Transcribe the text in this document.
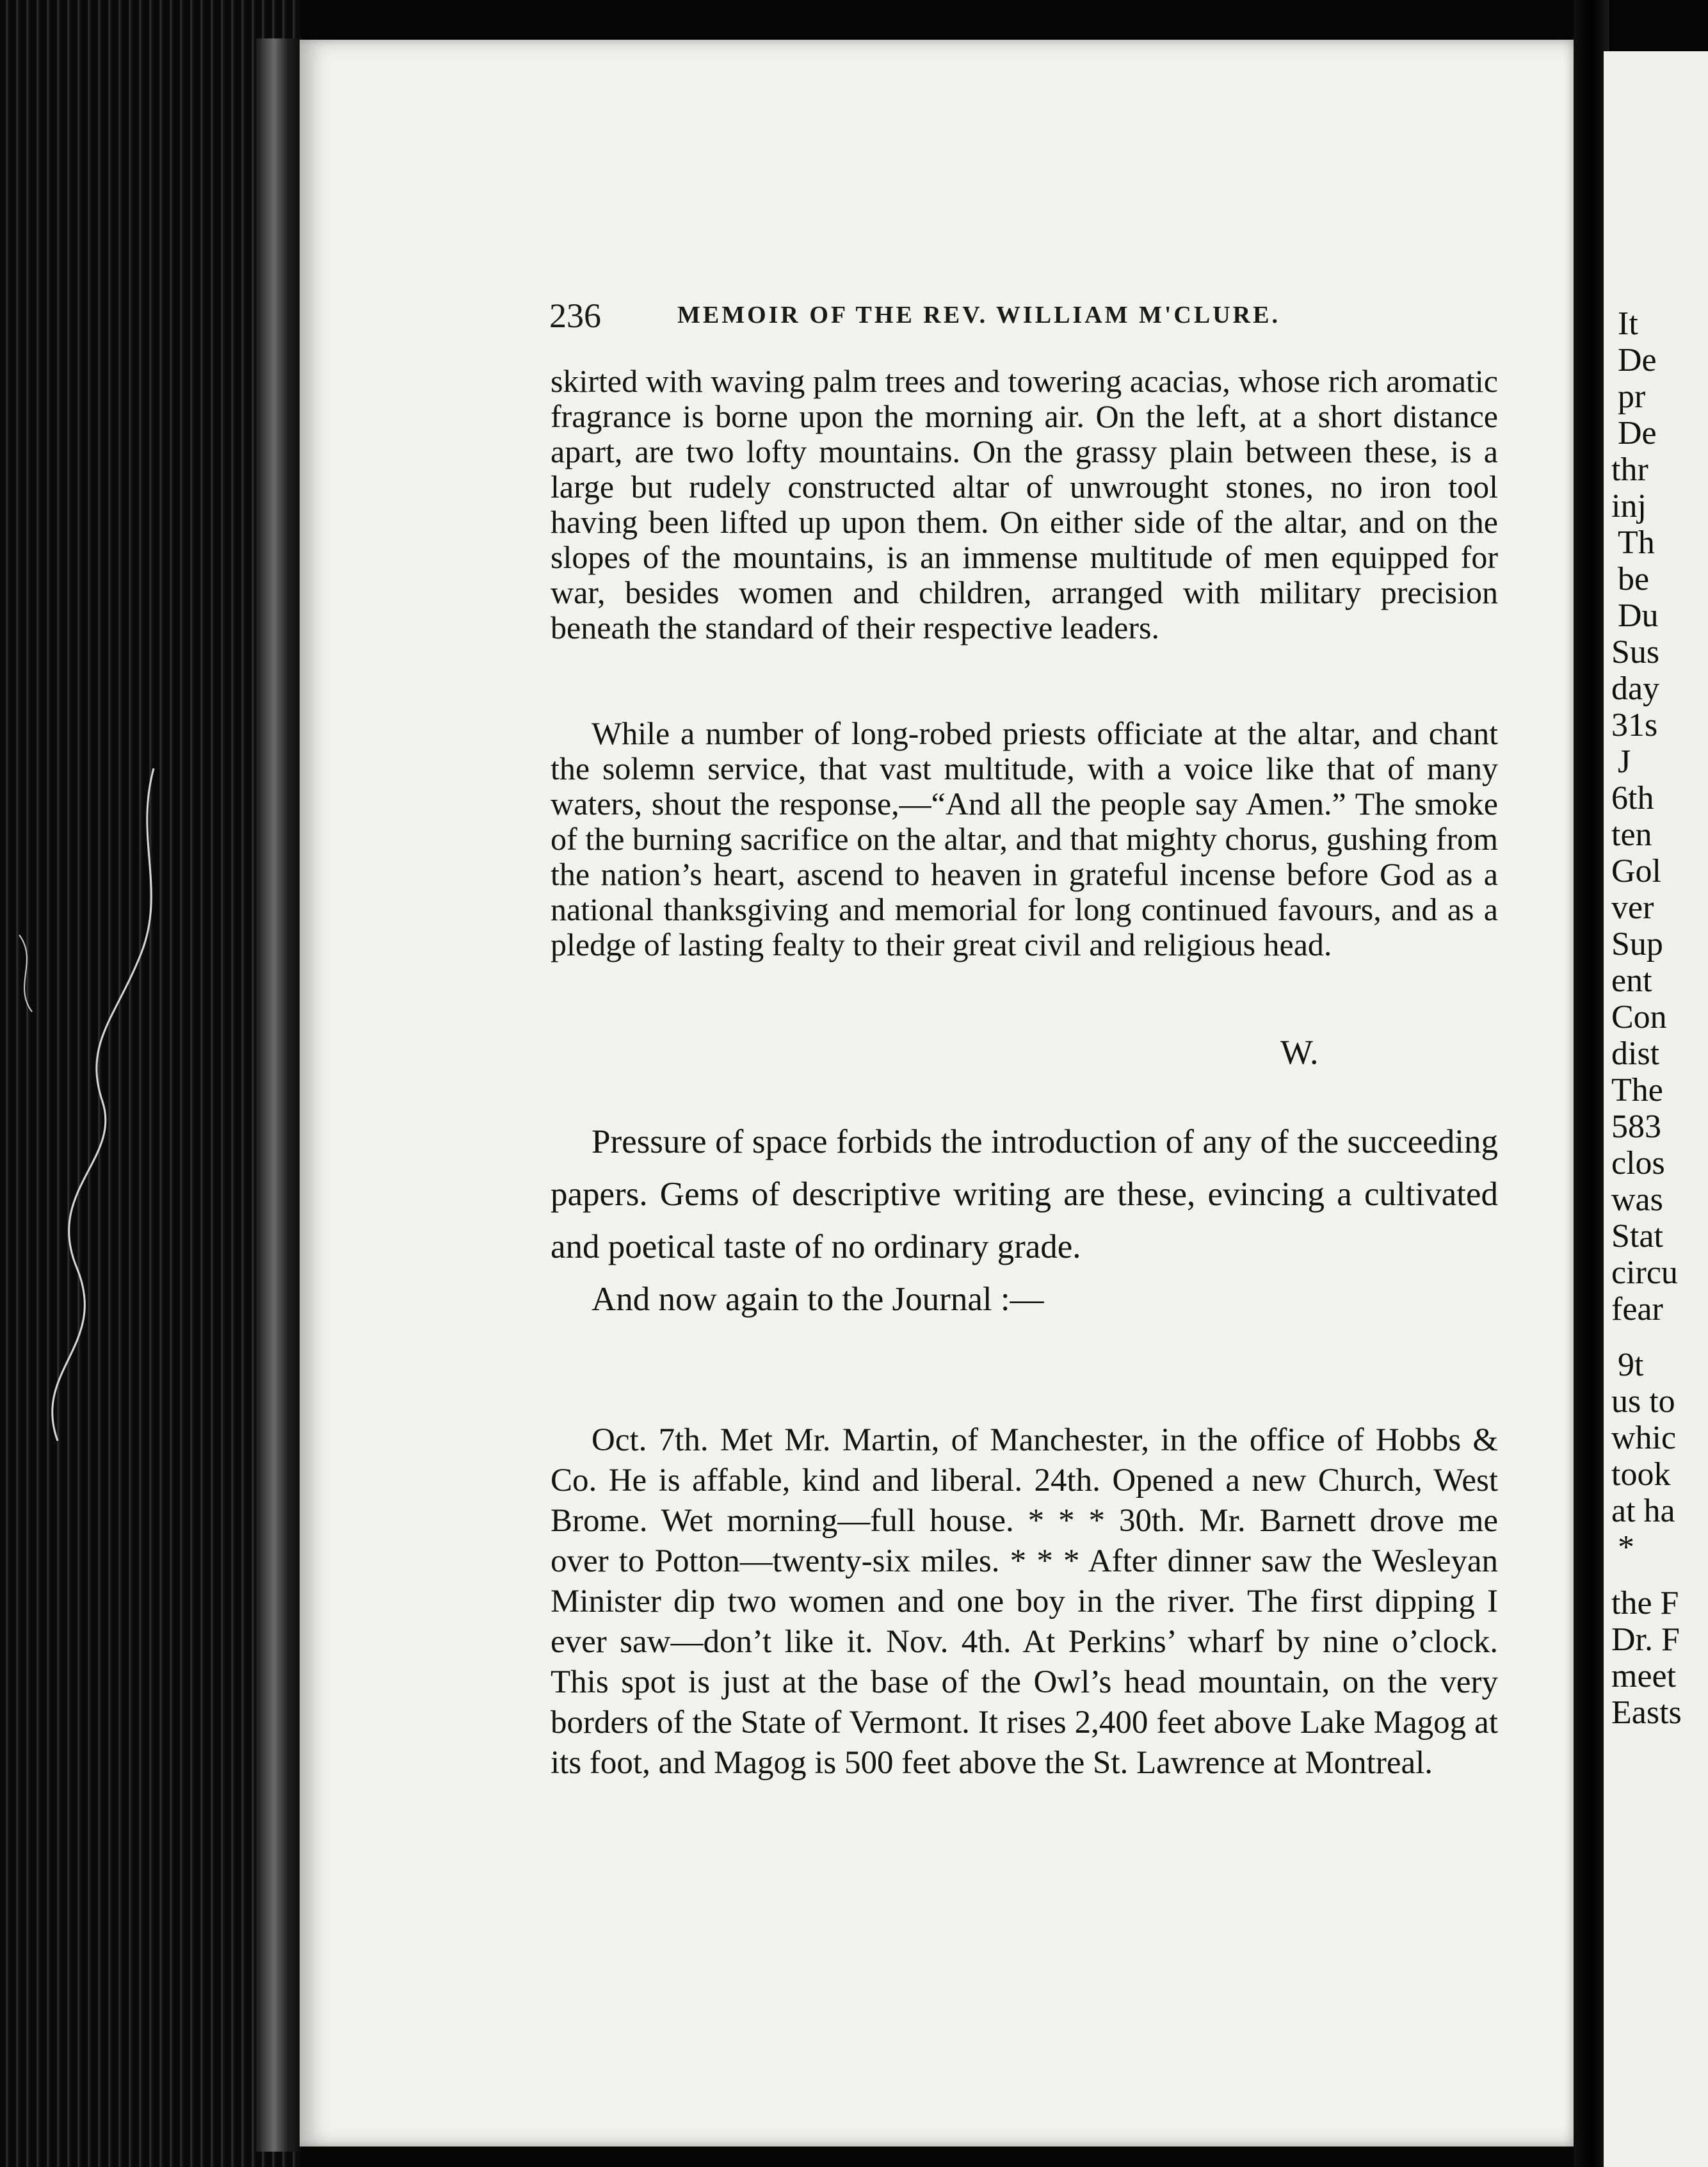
236	MEMOIR OF THE REV. WILLIAM M'CLURE.

skirted with waving palm trees and towering acacias, whose rich aromatic fragrance is borne upon the morning air. On the left, at a short distance apart, are two lofty mountains. On the grassy plain between these, is a large but rudely constructed altar of unwrought stones, no iron tool having been lifted up upon them. On either side of the altar, and on the slopes of the mountains, is an immense multitude of men equipped for war, besides women and children, arranged with military precision beneath the standard of their respective leaders.

While a number of long-robed priests officiate at the altar, and chant the solemn service, that vast multitude, with a voice like that of many waters, shout the response,—“And all the people say Amen.” The smoke of the burning sacrifice on the altar, and that mighty chorus, gushing from the nation’s heart, ascend to heaven in grateful incense before God as a national thanksgiving and memorial for long continued favours, and as a pledge of lasting fealty to their great civil and religious head.

W.

Pressure of space forbids the introduction of any of the succeeding papers. Gems of descriptive writing are these, evincing a cultivated and poetical taste of no ordinary grade.

And now again to the Journal :—

Oct. 7th. Met Mr. Martin, of Manchester, in the office of Hobbs & Co. He is affable, kind and liberal. 24th. Opened a new Church, West Brome. Wet morning—full house. * * * 30th. Mr. Barnett drove me over to Potton—twenty-six miles. * * * After dinner saw the Wesleyan Minister dip two women and one boy in the river. The first dipping I ever saw—don’t like it. Nov. 4th. At Perkins’ wharf by nine o’clock. This spot is just at the base of the Owl’s head mountain, on the very borders of the State of Vermont. It rises 2,400 feet above Lake Magog at its foot, and Magog is 500 feet above the St. Lawrence at Montreal.

It
De
pr
De
thr
inj
Th
be
Du
Sus
day
31s
J
6th
ten
Gol
ver
Sup
ent
Con
dist
The
583
clos
was
Stat
circu
fear
9t
us to
whic
took
at ha
*
the F
Dr. F
meet
Easts
